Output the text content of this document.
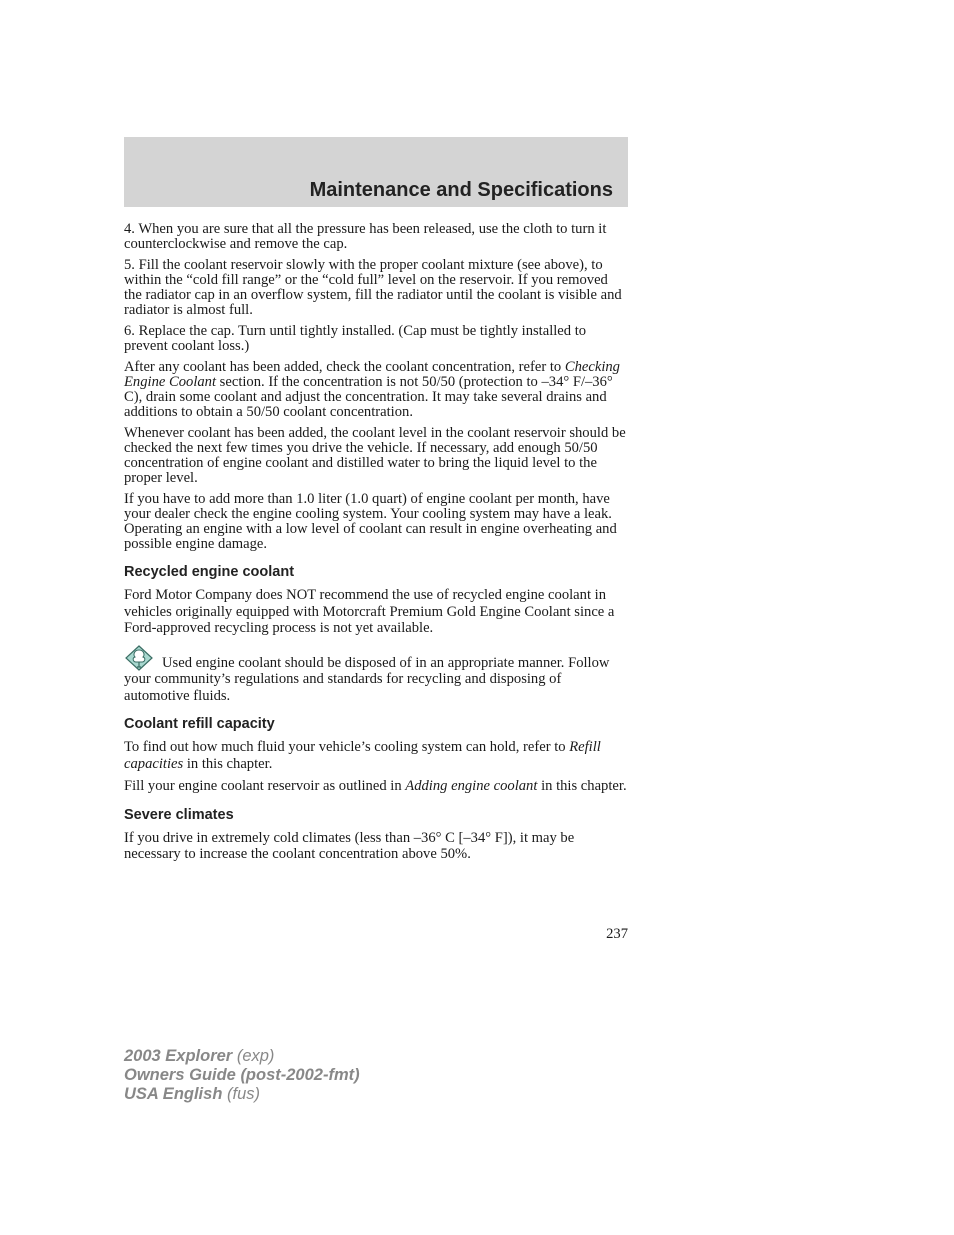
Maintenance and Specifications

4. When you are sure that all the pressure has been released, use the cloth to turn it counterclockwise and remove the cap.

5. Fill the coolant reservoir slowly with the proper coolant mixture (see above), to within the “cold fill range” or the “cold full” level on the reservoir. If you removed the radiator cap in an overflow system, fill the radiator until the coolant is visible and radiator is almost full.

6. Replace the cap. Turn until tightly installed. (Cap must be tightly installed to prevent coolant loss.)

After any coolant has been added, check the coolant concentration, refer to Checking Engine Coolant section. If the concentration is not 50/50 (protection to –34° F/–36° C), drain some coolant and adjust the concentration. It may take several drains and additions to obtain a 50/50 coolant concentration.

Whenever coolant has been added, the coolant level in the coolant reservoir should be checked the next few times you drive the vehicle. If necessary, add enough 50/50 concentration of engine coolant and distilled water to bring the liquid level to the proper level.

If you have to add more than 1.0 liter (1.0 quart) of engine coolant per month, have your dealer check the engine cooling system. Your cooling system may have a leak. Operating an engine with a low level of coolant can result in engine overheating and possible engine damage.

Recycled engine coolant

Ford Motor Company does NOT recommend the use of recycled engine coolant in vehicles originally equipped with Motorcraft Premium Gold Engine Coolant since a Ford-approved recycling process is not yet available.

Used engine coolant should be disposed of in an appropriate manner. Follow your community’s regulations and standards for recycling and disposing of automotive fluids.

Coolant refill capacity

To find out how much fluid your vehicle’s cooling system can hold, refer to Refill capacities in this chapter.

Fill your engine coolant reservoir as outlined in Adding engine coolant in this chapter.

Severe climates

If you drive in extremely cold climates (less than –36° C [–34° F]), it may be necessary to increase the coolant concentration above 50%.

237
2003 Explorer (exp)
Owners Guide (post-2002-fmt)
USA English (fus)
